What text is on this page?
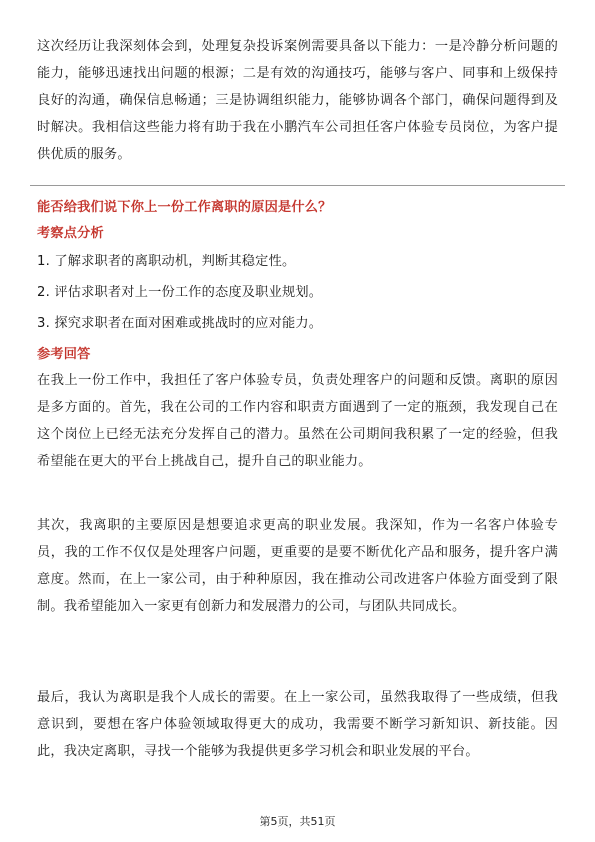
这次经历让我深刻体会到，处理复杂投诉案例需要具备以下能力：一是冷静分析问题的能力，能够迅速找出问题的根源；二是有效的沟通技巧，能够与客户、同事和上级保持良好的沟通，确保信息畅通；三是协调组织能力，能够协调各个部门，确保问题得到及时解决。我相信这些能力将有助于我在小鹏汽车公司担任客户体验专员岗位，为客户提供优质的服务。

能否给我们说下你上一份工作离职的原因是什么？

考察点分析

1. 了解求职者的离职动机，判断其稳定性。
2. 评估求职者对上一份工作的态度及职业规划。
3. 探究求职者在面对困难或挑战时的应对能力。

参考回答

在我上一份工作中，我担任了客户体验专员，负责处理客户的问题和反馈。离职的原因是多方面的。首先，我在公司的工作内容和职责方面遇到了一定的瓶颈，我发现自己在这个岗位上已经无法充分发挥自己的潜力。虽然在公司期间我积累了一定的经验，但我希望能在更大的平台上挑战自己，提升自己的职业能力。

其次，我离职的主要原因是想要追求更高的职业发展。我深知，作为一名客户体验专员，我的工作不仅仅是处理客户问题，更重要的是要不断优化产品和服务，提升客户满意度。然而，在上一家公司，由于种种原因，我在推动公司改进客户体验方面受到了限制。我希望能加入一家更有创新力和发展潜力的公司，与团队共同成长。

最后，我认为离职是我个人成长的需要。在上一家公司，虽然我取得了一些成绩，但我意识到，要想在客户体验领域取得更大的成功，我需要不断学习新知识、新技能。因此，我决定离职，寻找一个能够为我提供更多学习机会和职业发展的平台。

第5页，共51页
